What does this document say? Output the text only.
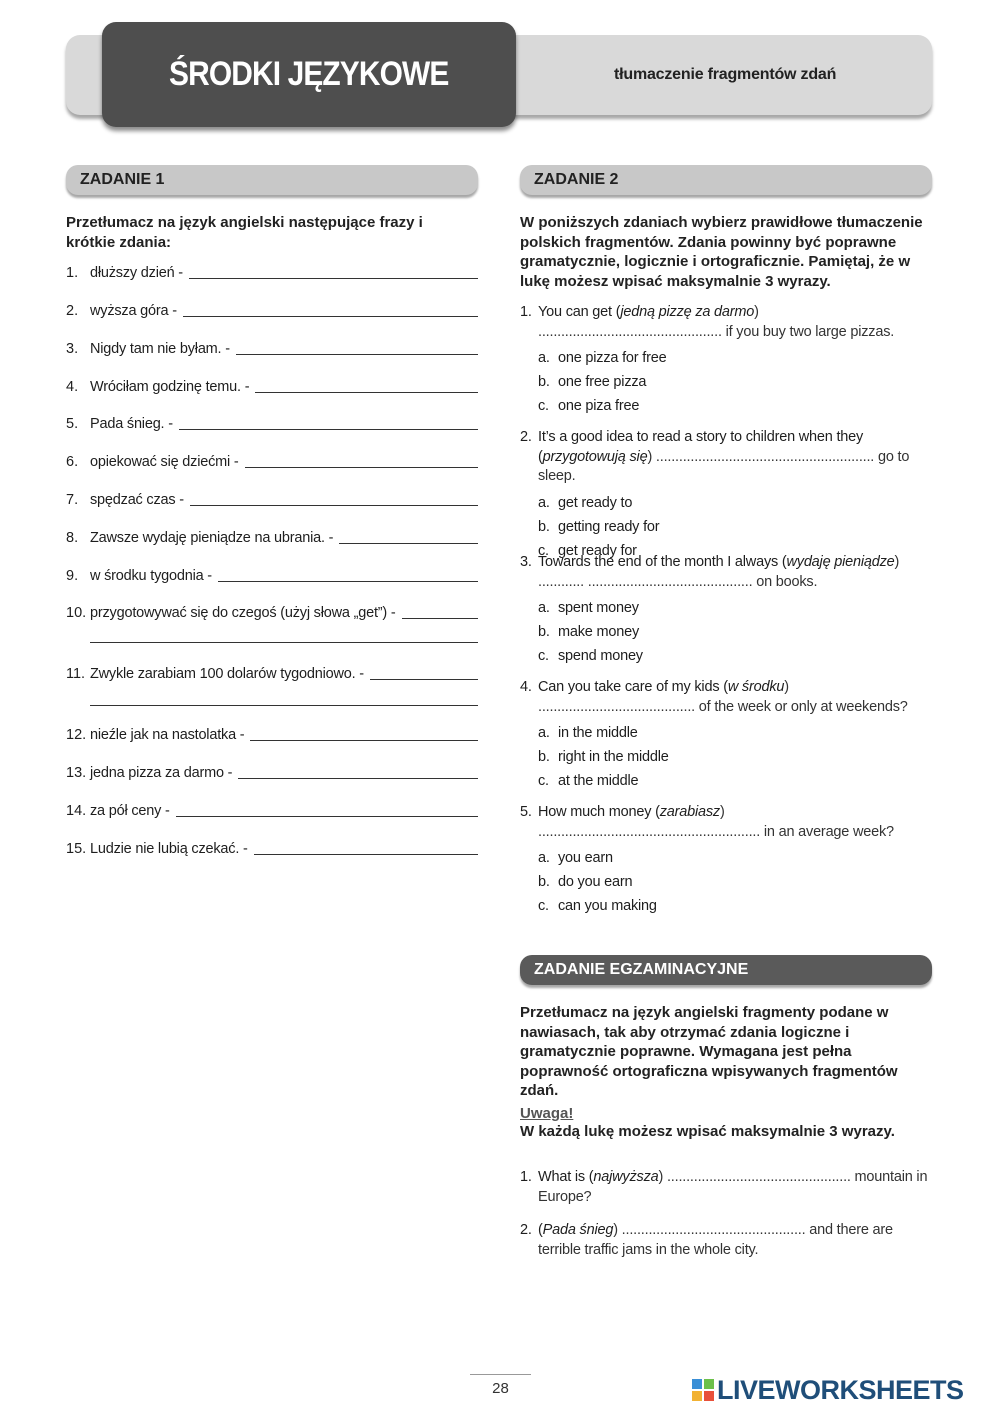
tłumaczenie fragmentów zdań
ŚRODKI JĘZYKOWE
ZADANIE 1

Przetłumacz na język angielski następujące frazy i krótkie zdania:

1. dłuższy dzień -
2. wyższa góra -
3. Nigdy tam nie byłam. -
4. Wróciłam godzinę temu. -
5. Pada śnieg. -
6. opiekować się dziećmi -
7. spędzać czas -
8. Zawsze wydaję pieniądze na ubrania. -
9. w środku tygodnia -
10. przygotowywać się do czegoś (użyj słowa „get”) -
11. Zwykle zarabiam 100 dolarów tygodniowo. -
12. nieźle jak na nastolatka -
13. jedna pizza za darmo -
14. za pół ceny -
15. Ludzie nie lubią czekać. -
ZADANIE 2

W poniższych zdaniach wybierz prawidłowe tłumaczenie polskich fragmentów. Zdania powinny być poprawne gramatycznie, logicznie i ortograficznie. Pamiętaj, że w lukę możesz wpisać maksymalnie 3 wyrazy.

1. You can get (jedną pizzę za darmo) ................................................ if you buy two large pizzas.
a. one pizza for free
b. one free pizza
c. one piza free
2. It’s a good idea to read a story to children when they (przygotowują się) ......................................................... go to sleep.
a. get ready to
b. getting ready for
c. get ready for
3. Towards the end of the month I always (wydaję pieniądze) ............ ........................................... on books.
a. spent money
b. make money
c. spend money
4. Can you take care of my kids (w środku) ......................................... of the week or only at weekends?
a. in the middle
b. right in the middle
c. at the middle
5. How much money (zarabiasz) .......................................................... in an average week?
a. you earn
b. do you earn
c. can you making
ZADANIE EGZAMINACYJNE

Przetłumacz na język angielski fragmenty podane w nawiasach, tak aby otrzymać zdania logiczne i gramatycznie poprawne. Wymagana jest pełna poprawność ortograficzna wpisywanych fragmentów zdań.

Uwaga!

W każdą lukę możesz wpisać maksymalnie 3 wyrazy.

1. What is (najwyższa) ................................................ mountain in Europe?
2. (Pada śnieg) ................................................ and there are terrible traffic jams in the whole city.
28	LIVEWORKSHEETS
